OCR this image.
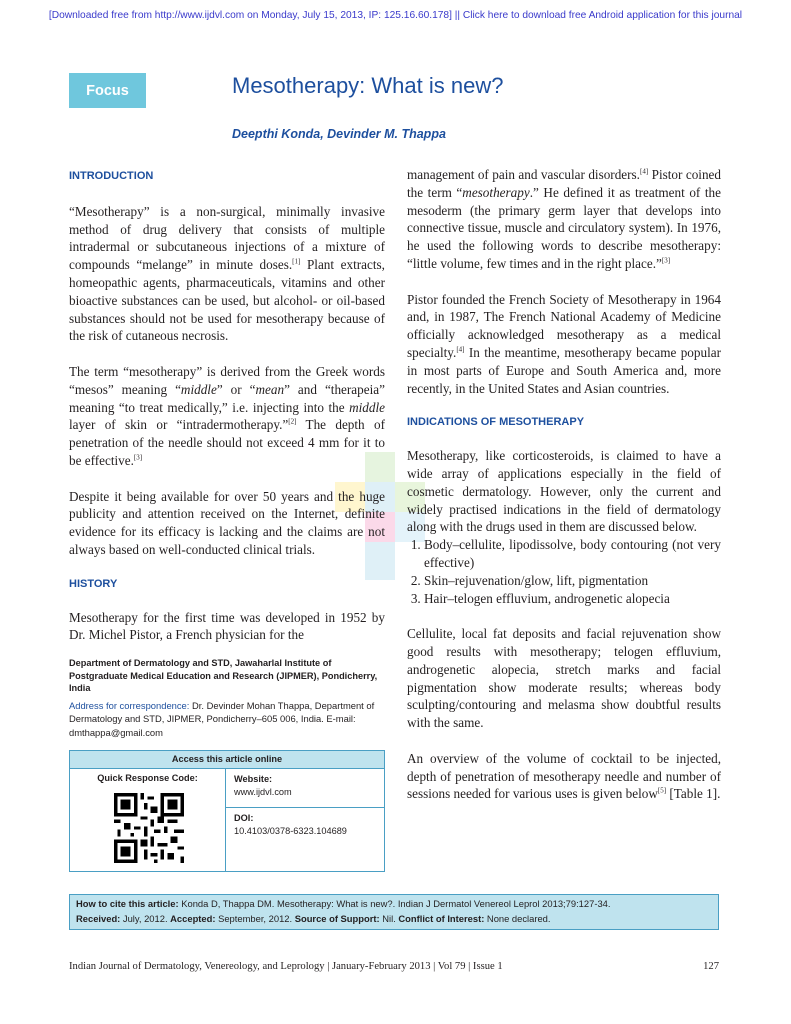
[Downloaded free from http://www.ijdvl.com on Monday, July 15, 2013, IP: 125.16.60.178] || Click here to download free Android application for this journal
Focus	Mesotherapy: What is new?
Deepthi Konda, Devinder M. Thappa
INTRODUCTION

“Mesotherapy” is a non-surgical, minimally invasive method of drug delivery that consists of multiple intradermal or subcutaneous injections of a mixture of compounds “melange” in minute doses.[1] Plant extracts, homeopathic agents, pharmaceuticals, vitamins and other bioactive substances can be used, but alcohol- or oil-based substances should not be used for mesotherapy because of the risk of cutaneous necrosis.

The term “mesotherapy” is derived from the Greek words “mesos” meaning “middle” or “mean” and “therapeia” meaning “to treat medically,” i.e. injecting into the middle layer of skin or “intradermotherapy.”[2] The depth of penetration of the needle should not exceed 4 mm for it to be effective.[3]

Despite it being available for over 50 years and the huge publicity and attention received on the Internet, definite evidence for its efficacy is lacking and the claims are not always based on well-conducted clinical trials.

HISTORY

Mesotherapy for the first time was developed in 1952 by Dr. Michel Pistor, a French physician for the

management of pain and vascular disorders.[4] Pistor coined the term “mesotherapy.” He defined it as treatment of the mesoderm (the primary germ layer that develops into connective tissue, muscle and circulatory system). In 1976, he used the following words to describe mesotherapy: “little volume, few times and in the right place.”[3]

Pistor founded the French Society of Mesotherapy in 1964 and, in 1987, The French National Academy of Medicine officially acknowledged mesotherapy as a medical specialty.[4] In the meantime, mesotherapy became popular in most parts of Europe and South America and, more recently, in the United States and Asian countries.

INDICATIONS OF MESOTHERAPY

Mesotherapy, like corticosteroids, is claimed to have a wide array of applications especially in the field of cosmetic dermatology. However, only the current and widely practised indications in the field of dermatology along with the drugs used in them are discussed below.

1. Body–cellulite, lipodissolve, body contouring (not very effective)
2. Skin–rejuvenation/glow, lift, pigmentation
3. Hair–telogen effluvium, androgenetic alopecia

Cellulite, local fat deposits and facial rejuvenation show good results with mesotherapy; telogen effluvium, androgenetic alopecia, stretch marks and facial pigmentation show moderate results; whereas body sculpting/contouring and melasma show doubtful results with the same.

An overview of the volume of cocktail to be injected, depth of penetration of mesotherapy needle and number of sessions needed for various uses is given below[5] [Table 1].

Department of Dermatology and STD, Jawaharlal Institute of Postgraduate Medical Education and Research (JIPMER), Pondicherry, India
Address for correspondence: Dr. Devinder Mohan Thappa, Department of Dermatology and STD, JIPMER, Pondicherry–605 006, India. E-mail: dmthappa@gmail.com
Access this article online
Quick Response Code:	Website:
www.ijdvl.com
DOI:
10.4103/0378-6323.104689
How to cite this article: Konda D, Thappa DM. Mesotherapy: What is new?. Indian J Dermatol Venereol Leprol 2013;79:127-34.
Received: July, 2012. Accepted: September, 2012. Source of Support: Nil. Conflict of Interest: None declared.
Indian Journal of Dermatology, Venereology, and Leprology | January-February 2013 | Vol 79 | Issue 1	127
